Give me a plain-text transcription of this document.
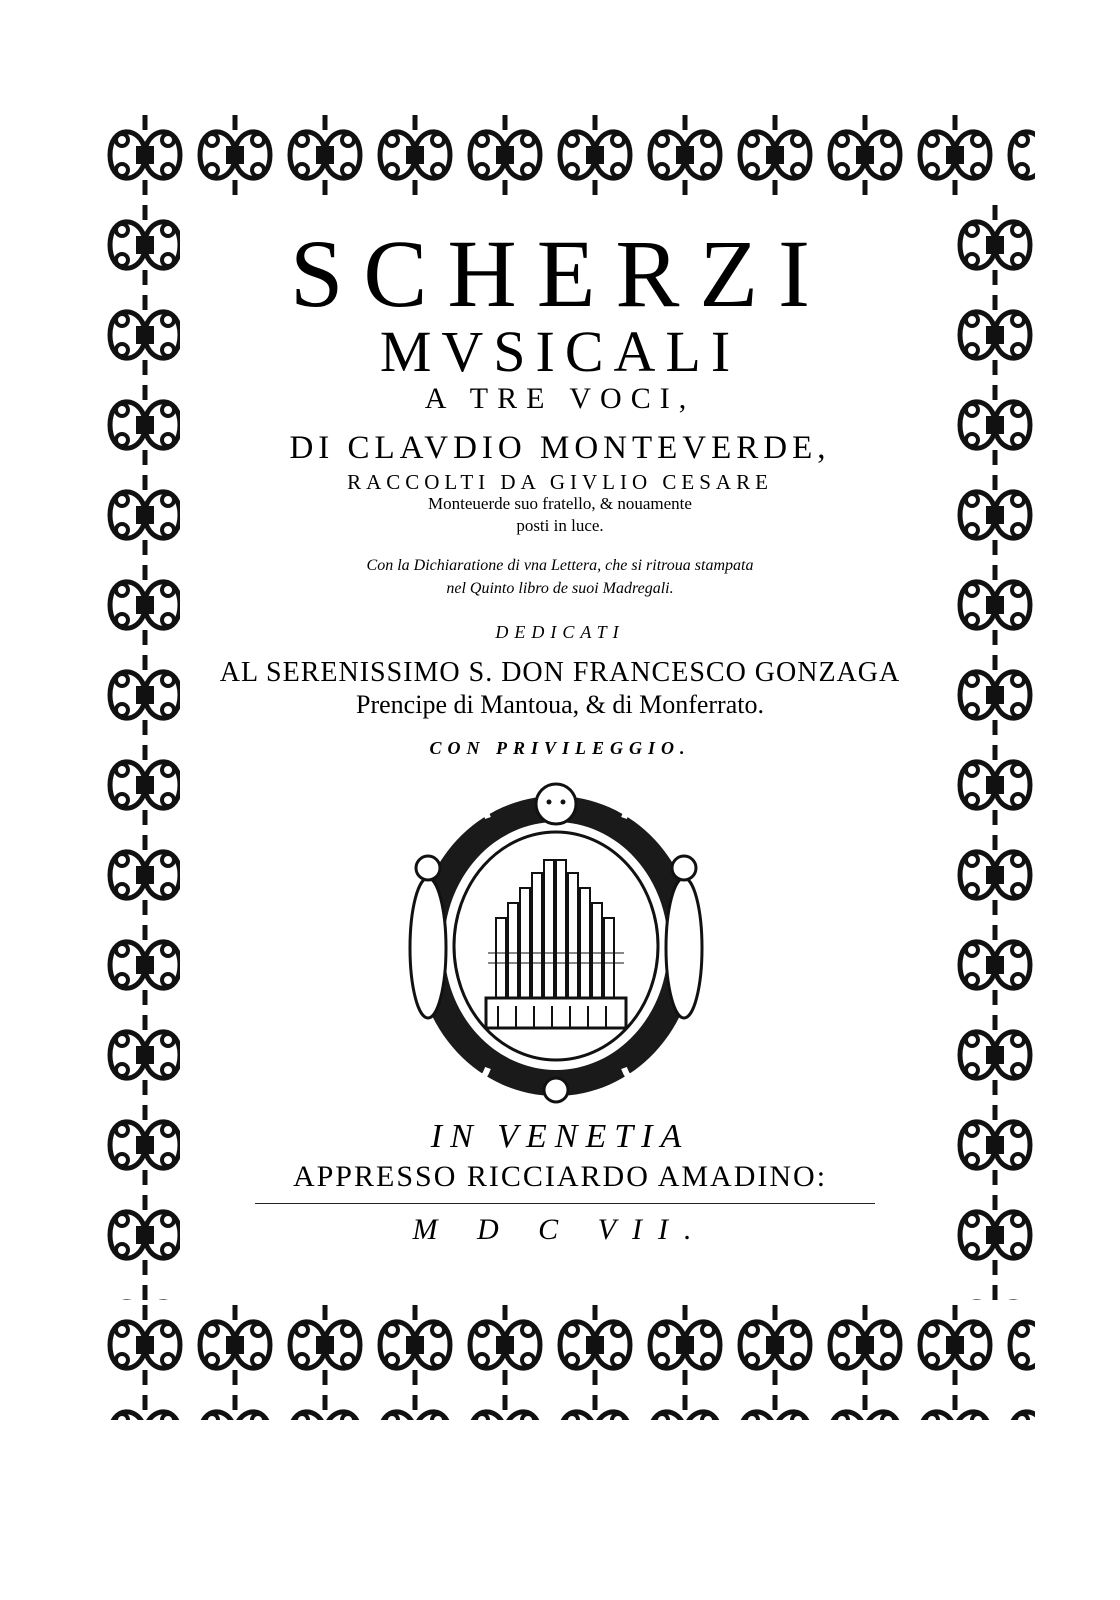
SCHERZI
MVSICALI
A TRE VOCI,
DI CLAVDIO MONTEVERDE,
RACCOLTI DA GIVLIO CESARE
Monteuerde suo fratello, & nouamente
posti in luce.
Con la Dichiaratione di vna Lettera, che si ritroua stampata
nel Quinto libro de suoi Madregali.
DEDICATI
AL SERENISSIMO S. DON FRANCESCO GONZAGA
Prencipe di Mantoua, & di Monferrato.
CON PRIVILEGGIO.
IN VENETIA
APPRESSO RICCIARDO AMADINO:
M D C VII.
